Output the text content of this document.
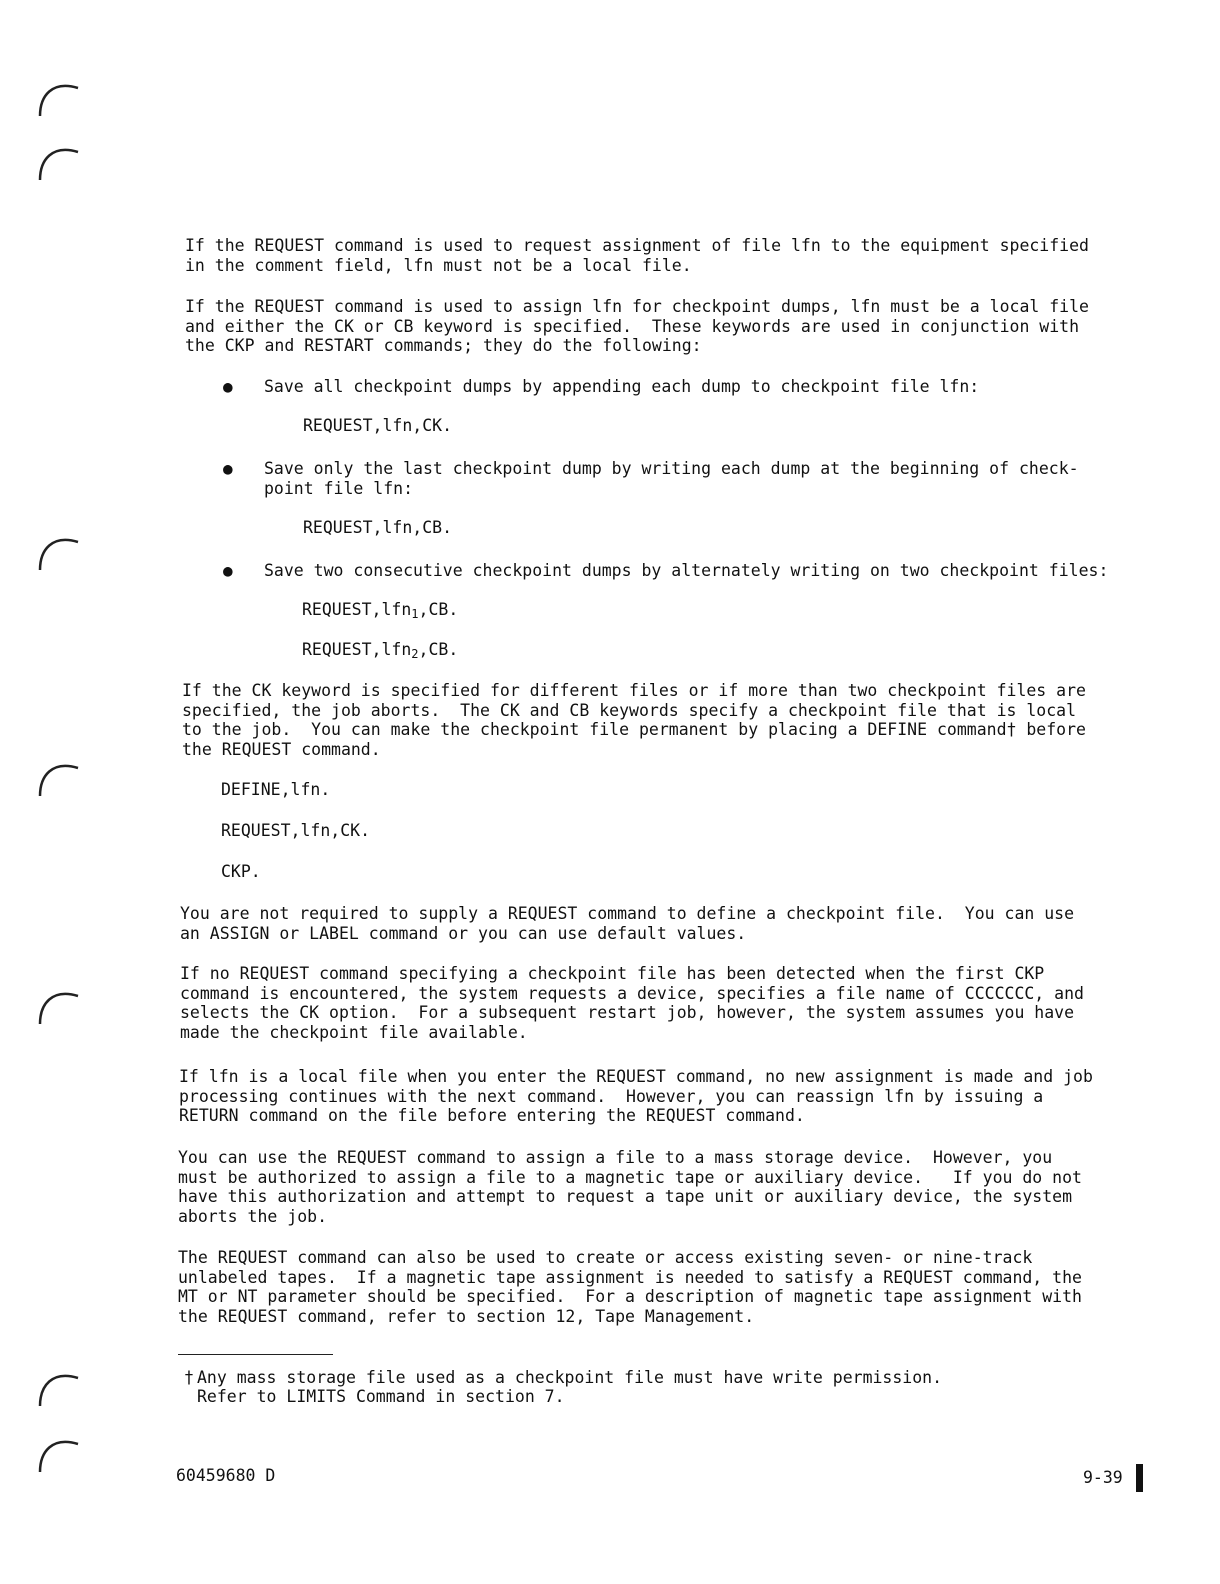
If the REQUEST command is used to request assignment of file lfn to the equipment specified
in the comment field, lfn must not be a local file.
If the REQUEST command is used to assign lfn for checkpoint dumps, lfn must be a local file
and either the CK or CB keyword is specified.  These keywords are used in conjunction with
the CKP and RESTART commands; they do the following:
● Save all checkpoint dumps by appending each dump to checkpoint file lfn:
REQUEST,lfn,CK.
● Save only the last checkpoint dump by writing each dump at the beginning of check-
point file lfn:
REQUEST,lfn,CB.
● Save two consecutive checkpoint dumps by alternately writing on two checkpoint files:
REQUEST,lfn$_1$,CB.
REQUEST,lfn$_2$,CB.
If the CK keyword is specified for different files or if more than two checkpoint files are
specified, the job aborts.  The CK and CB keywords specify a checkpoint file that is local
to the job.  You can make the checkpoint file permanent by placing a DEFINE command† before
the REQUEST command.
DEFINE,lfn.
REQUEST,lfn,CK.
CKP.
You are not required to supply a REQUEST command to define a checkpoint file.  You can use
an ASSIGN or LABEL command or you can use default values.
If no REQUEST command specifying a checkpoint file has been detected when the first CKP
command is encountered, the system requests a device, specifies a file name of CCCCCCC, and
selects the CK option.  For a subsequent restart job, however, the system assumes you have
made the checkpoint file available.
If lfn is a local file when you enter the REQUEST command, no new assignment is made and job
processing continues with the next command.  However, you can reassign lfn by issuing a
RETURN command on the file before entering the REQUEST command.
You can use the REQUEST command to assign a file to a mass storage device.  However, you
must be authorized to assign a file to a magnetic tape or auxiliary device.   If you do not
have this authorization and attempt to request a tape unit or auxiliary device, the system
aborts the job.
The REQUEST command can also be used to create or access existing seven- or nine-track
unlabeled tapes.  If a magnetic tape assignment is needed to satisfy a REQUEST command, the
MT or NT parameter should be specified.  For a description of magnetic tape assignment with
the REQUEST command, refer to section 12, Tape Management.
† Any mass storage file used as a checkpoint file must have write permission.
Refer to LIMITS Command in section 7.
60459680 D	9-39
